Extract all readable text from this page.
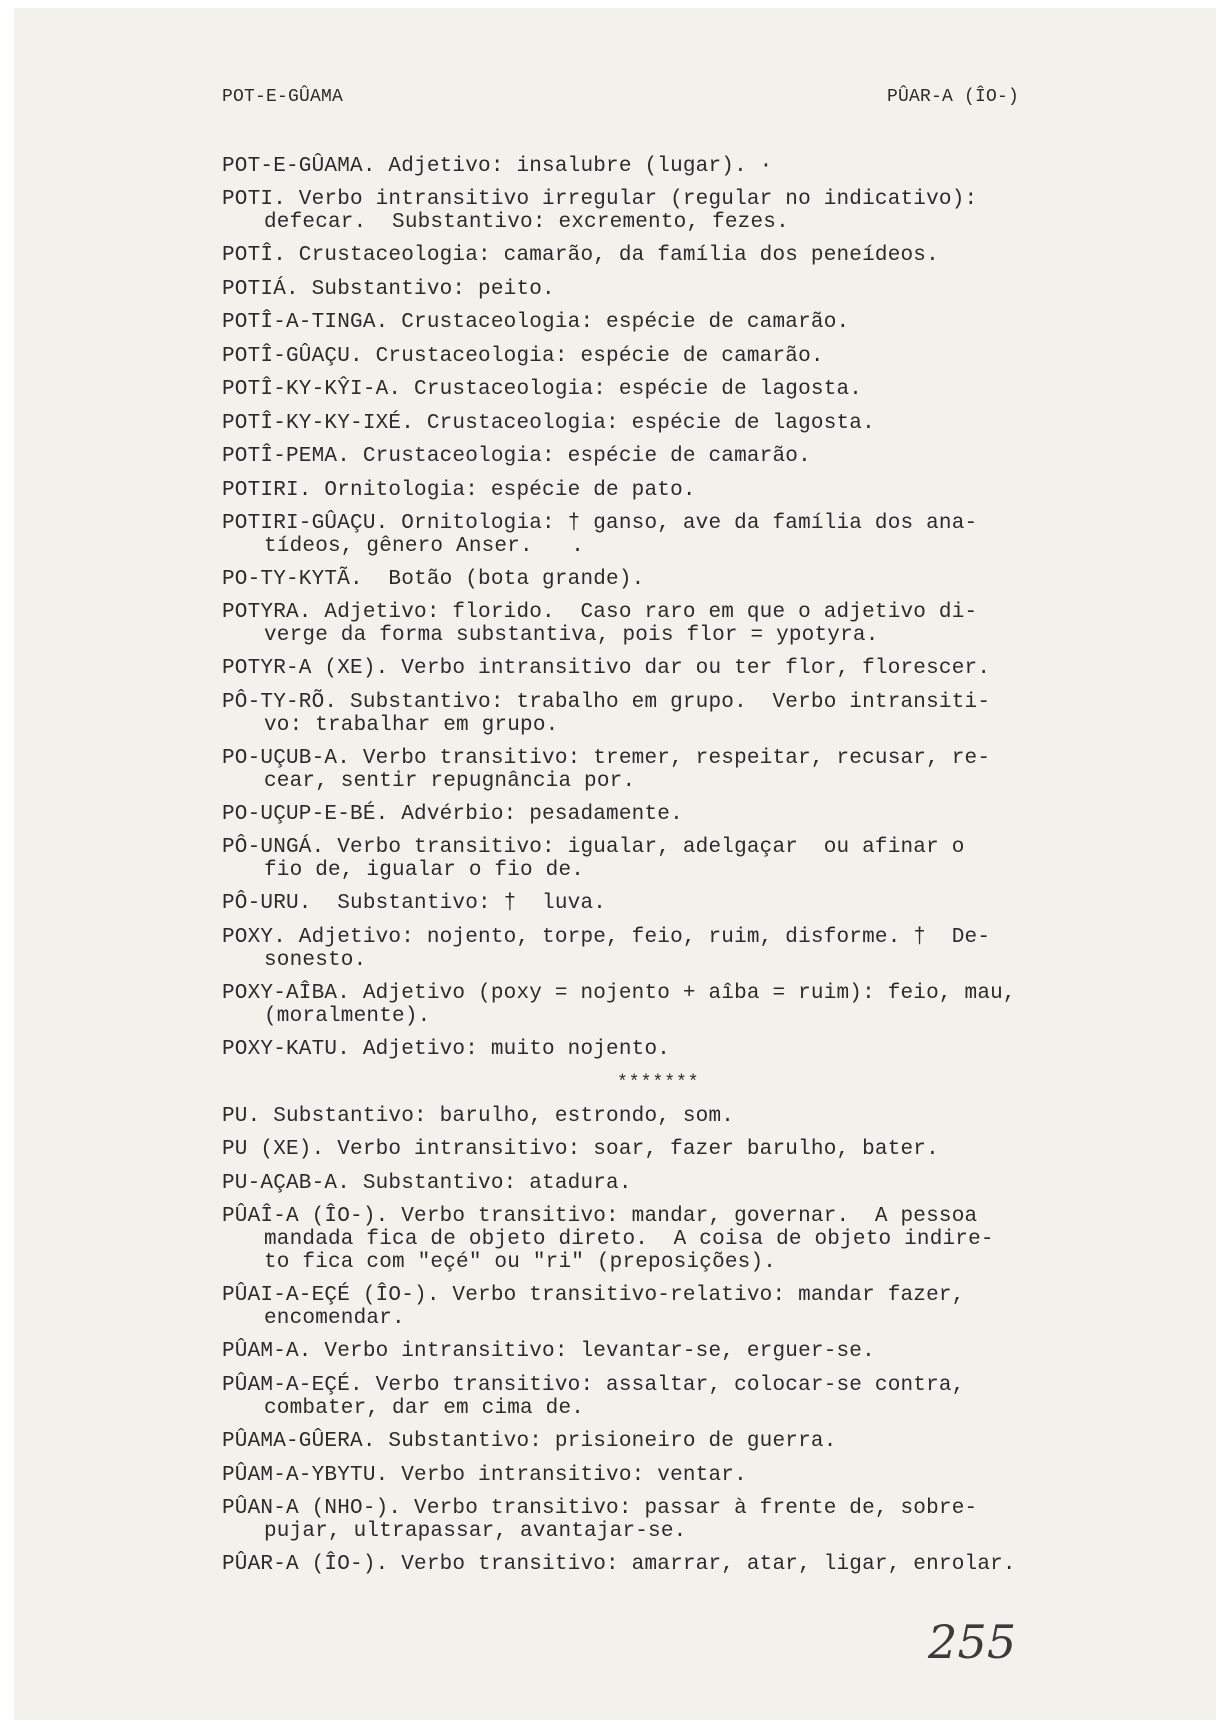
POT-E-GÛAMA	PÛAR-A (ÎO-)
POT-E-GÛAMA. Adjetivo: insalubre (lugar). ·
POTI. Verbo intransitivo irregular (regular no indicativo):
defecar.  Substantivo: excremento, fezes.
POTÎ. Crustaceologia: camarão, da família dos peneídeos.
POTIÁ. Substantivo: peito.
POTÎ-A-TINGA. Crustaceologia: espécie de camarão.
POTÎ-GÛAÇU. Crustaceologia: espécie de camarão.
POTÎ-KY-KŶI-A. Crustaceologia: espécie de lagosta.
POTÎ-KY-KY-IXÉ. Crustaceologia: espécie de lagosta.
POTÎ-PEMA. Crustaceologia: espécie de camarão.
POTIRI. Ornitologia: espécie de pato.
POTIRI-GÛAÇU. Ornitologia: † ganso, ave da família dos ana-
tídeos, gênero Anser.   .
PO-TY-KYTÃ.  Botão (bota grande).
POTYRA. Adjetivo: florido.  Caso raro em que o adjetivo di-
verge da forma substantiva, pois flor = ypotyra.
POTYR-A (XE). Verbo intransitivo dar ou ter flor, florescer.
PÔ-TY-RÕ. Substantivo: trabalho em grupo.  Verbo intransiti-
vo: trabalhar em grupo.
PO-UÇUB-A. Verbo transitivo: tremer, respeitar, recusar, re-
cear, sentir repugnância por.
PO-UÇUP-E-BÉ. Advérbio: pesadamente.
PÔ-UNGÁ. Verbo transitivo: igualar, adelgaçar  ou afinar o
fio de, igualar o fio de.
PÔ-URU.  Substantivo: †  luva.
POXY. Adjetivo: nojento, torpe, feio, ruim, disforme. †  De-
sonesto.
POXY-AÎBA. Adjetivo (poxy = nojento + aîba = ruim): feio, mau,
(moralmente).
POXY-KATU. Adjetivo: muito nojento.
*******
PU. Substantivo: barulho, estrondo, som.
PU (XE). Verbo intransitivo: soar, fazer barulho, bater.
PU-AÇAB-A. Substantivo: atadura.
PÛAÎ-A (ÎO-). Verbo transitivo: mandar, governar.  A pessoa
mandada fica de objeto direto.  A coisa de objeto indire-
to fica com "eçé" ou "ri" (preposições).
PÛAI-A-EÇÉ (ÎO-). Verbo transitivo-relativo: mandar fazer,
encomendar.
PÛAM-A. Verbo intransitivo: levantar-se, erguer-se.
PÛAM-A-EÇÉ. Verbo transitivo: assaltar, colocar-se contra,
combater, dar em cima de.
PÛAMA-GÛERA. Substantivo: prisioneiro de guerra.
PÛAM-A-YBYTU. Verbo intransitivo: ventar.
PÛAN-A (NHO-). Verbo transitivo: passar à frente de, sobre-
pujar, ultrapassar, avantajar-se.
PÛAR-A (ÎO-). Verbo transitivo: amarrar, atar, ligar, enrolar.
255
